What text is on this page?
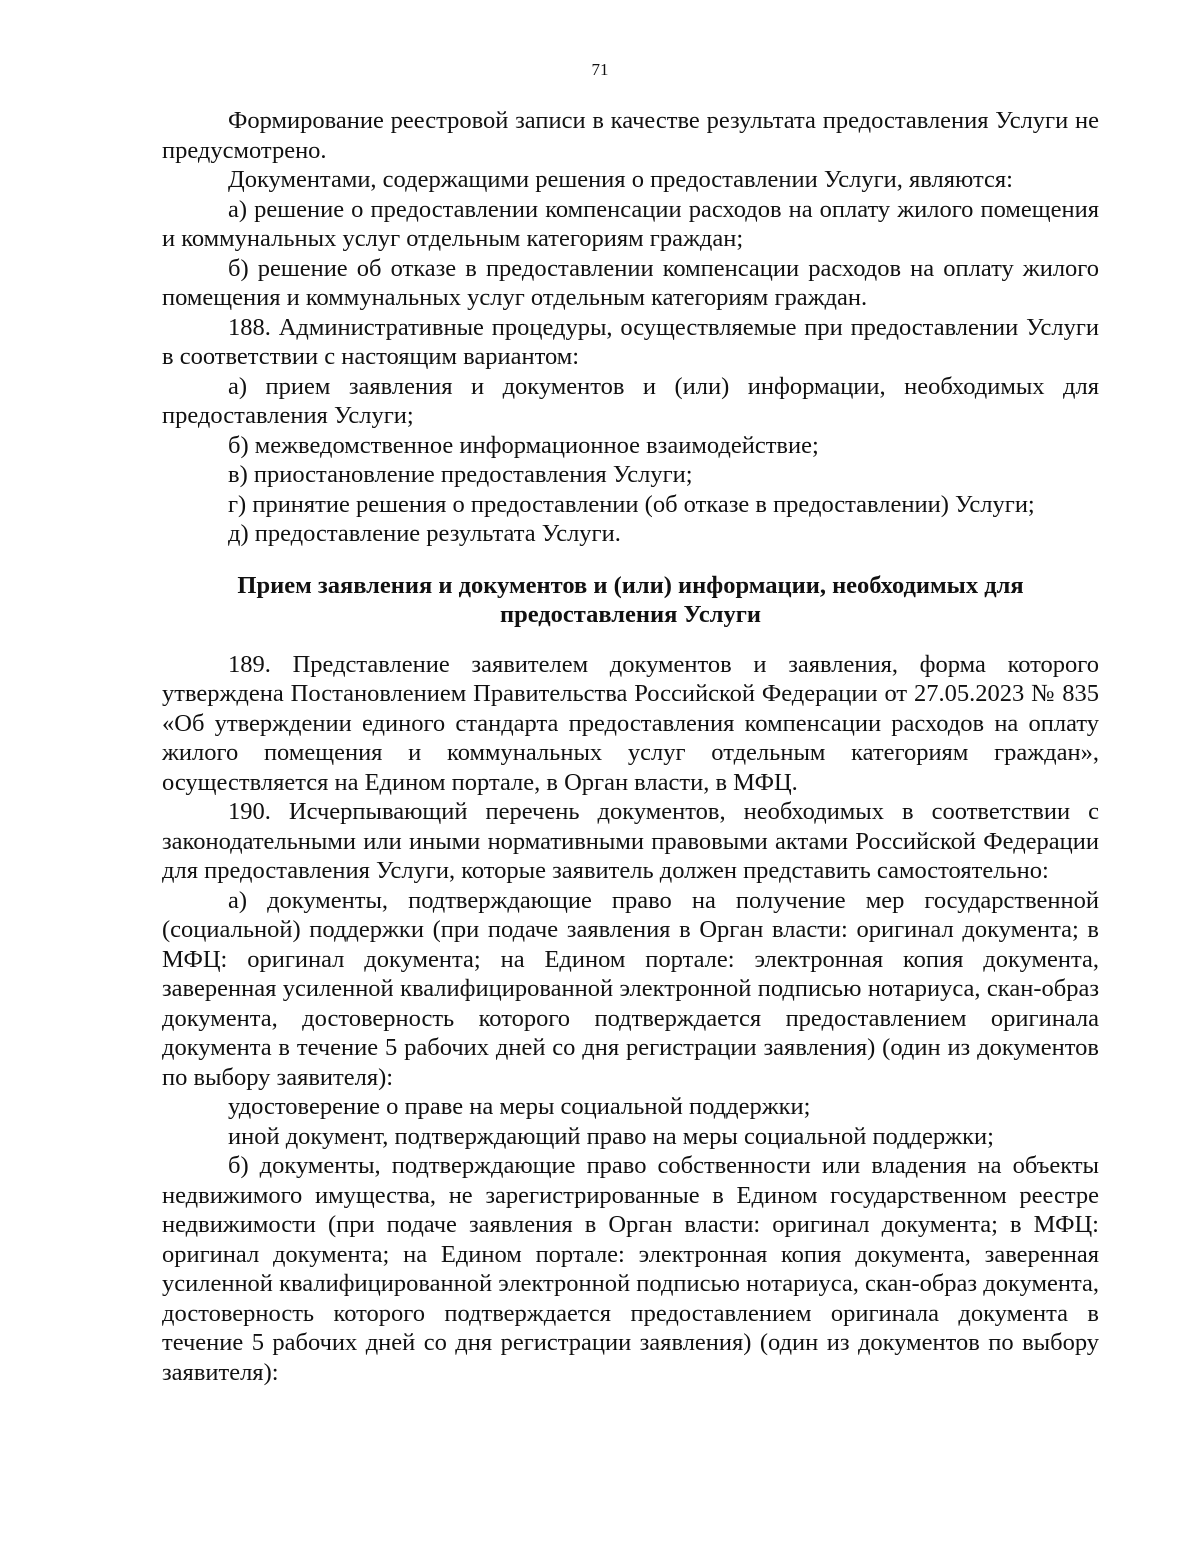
71

Формирование реестровой записи в качестве результата предоставления Услуги не предусмотрено.

Документами, содержащими решения о предоставлении Услуги, являются:

а) решение о предоставлении компенсации расходов на оплату жилого помещения и коммунальных услуг отдельным категориям граждан;

б) решение об отказе в предоставлении компенсации расходов на оплату жилого помещения и коммунальных услуг отдельным категориям граждан.

188. Административные процедуры, осуществляемые при предоставлении Услуги в соответствии с настоящим вариантом:

а) прием заявления и документов и (или) информации, необходимых для предоставления Услуги;

б) межведомственное информационное взаимодействие;

в) приостановление предоставления Услуги;

г) принятие решения о предоставлении (об отказе в предоставлении) Услуги;

д) предоставление результата Услуги.

Прием заявления и документов и (или) информации, необходимых для
предоставления Услуги

189. Представление заявителем документов и заявления, форма которого утверждена Постановлением Правительства Российской Федерации от 27.05.2023 № 835 «Об утверждении единого стандарта предоставления компенсации расходов на оплату жилого помещения и коммунальных услуг отдельным категориям граждан», осуществляется на Едином портале, в Орган власти, в МФЦ.

190. Исчерпывающий перечень документов, необходимых в соответствии с законодательными или иными нормативными правовыми актами Российской Федерации для предоставления Услуги, которые заявитель должен представить самостоятельно:

а) документы, подтверждающие право на получение мер государственной (социальной) поддержки (при подаче заявления в Орган власти: оригинал документа; в МФЦ: оригинал документа; на Едином портале: электронная копия документа, заверенная усиленной квалифицированной электронной подписью нотариуса, скан-образ документа, достоверность которого подтверждается предоставлением оригинала документа в течение 5 рабочих дней со дня регистрации заявления) (один из документов по выбору заявителя):

удостоверение о праве на меры социальной поддержки;

иной документ, подтверждающий право на меры социальной поддержки;

б) документы, подтверждающие право собственности или владения на объекты недвижимого имущества, не зарегистрированные в Едином государственном реестре недвижимости (при подаче заявления в Орган власти: оригинал документа; в МФЦ: оригинал документа; на Едином портале: электронная копия документа, заверенная усиленной квалифицированной электронной подписью нотариуса, скан-образ документа, достоверность которого подтверждается предоставлением оригинала документа в течение 5 рабочих дней со дня регистрации заявления) (один из документов по выбору заявителя):
